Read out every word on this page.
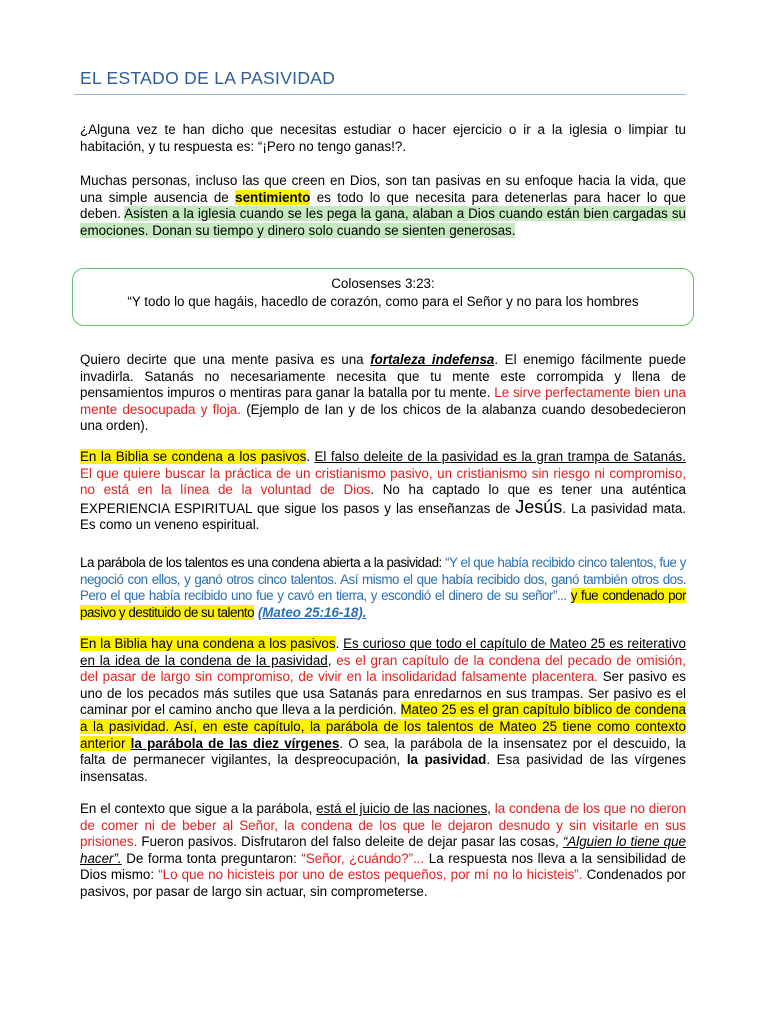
EL ESTADO DE LA PASIVIDAD
¿Alguna vez te han dicho que necesitas estudiar o hacer ejercicio o ir a la iglesia o limpiar tu habitación, y tu respuesta es: “¡Pero no tengo ganas!?.
Muchas personas, incluso las que creen en Dios, son tan pasivas en su enfoque hacia la vida, que una simple ausencia de sentimiento es todo lo que necesita para detenerlas para hacer lo que deben. Asisten a la iglesia cuando se les pega la gana, alaban a Dios cuando están bien cargadas su emociones. Donan su tiempo y dinero solo cuando se sienten generosas.
Colosenses 3:23:
“Y todo lo que hagáis, hacedlo de corazón, como para el Señor y no para los hombres
Quiero decirte que una mente pasiva es una fortaleza indefensa. El enemigo fácilmente puede invadirla. Satanás no necesariamente necesita que tu mente este corrompida y llena de pensamientos impuros o mentiras para ganar la batalla por tu mente. Le sirve perfectamente bien una mente desocupada y floja. (Ejemplo de Ian y de los chicos de la alabanza cuando desobedecieron una orden).
En la Biblia se condena a los pasivos. El falso deleite de la pasividad es la gran trampa de Satanás. El que quiere buscar la práctica de un cristianismo pasivo, un cristianismo sin riesgo ni compromiso, no está en la línea de la voluntad de Dios. No ha captado lo que es tener una auténtica EXPERIENCIA ESPIRITUAL que sigue los pasos y las enseñanzas de Jesús. La pasividad mata. Es como un veneno espiritual.
La parábola de los talentos es una condena abierta a la pasividad: “Y el que había recibido cinco talentos, fue y negoció con ellos, y ganó otros cinco talentos. Así mismo el que había recibido dos, ganó también otros dos. Pero el que había recibido uno fue y cavó en tierra, y escondió el dinero de su señor”... y fue condenado por pasivo y destituido de su talento (Mateo 25:16-18).
En la Biblia hay una condena a los pasivos. Es curioso que todo el capítulo de Mateo 25 es reiterativo en la idea de la condena de la pasividad, es el gran capítulo de la condena del pecado de omisión, del pasar de largo sin compromiso, de vivir en la insolidaridad falsamente placentera. Ser pasivo es uno de los pecados más sutiles que usa Satanás para enredarnos en sus trampas. Ser pasivo es el caminar por el camino ancho que lleva a la perdición. Mateo 25 es el gran capítulo bíblico de condena a la pasividad. Así, en este capítulo, la parábola de los talentos de Mateo 25 tiene como contexto anterior la parábola de las diez vírgenes. O sea, la parábola de la insensatez por el descuido, la falta de permanecer vigilantes, la despreocupación, la pasividad. Esa pasividad de las vírgenes insensatas.
En el contexto que sigue a la parábola, está el juicio de las naciones, la condena de los que no dieron de comer ni de beber al Señor, la condena de los que le dejaron desnudo y sin visitarle en sus prisiones. Fueron pasivos. Disfrutaron del falso deleite de dejar pasar las cosas, “Alguien lo tiene que hacer”. De forma tonta preguntaron: “Señor, ¿cuándo?”... La respuesta nos lleva a la sensibilidad de Dios mismo: “Lo que no hicisteis por uno de estos pequeños, por mí no lo hicisteis”. Condenados por pasivos, por pasar de largo sin actuar, sin comprometerse.
